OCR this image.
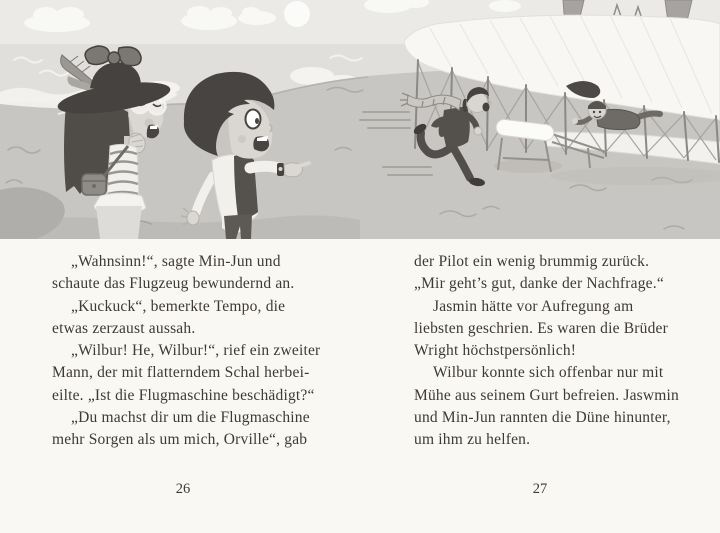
„Wahnsinn!“, sagte Min-Jun und

schaute das Flugzeug bewundernd an.

„Kuckuck“, bemerkte Tempo, die

etwas zerzaust aussah.

„Wilbur! He, Wilbur!“, rief ein zweiter

Mann, der mit flatterndem Schal herbei-

eilte. „Ist die Flugmaschine beschädigt?“

„Du machst dir um die Flugmaschine

mehr Sorgen als um mich, Orville“, gab

der Pilot ein wenig brummig zurück.

„Mir geht’s gut, danke der Nachfrage.“

Jasmin hätte vor Aufregung am

liebsten geschrien. Es waren die Brüder

Wright höchstpersönlich!

Wilbur konnte sich offenbar nur mit

Mühe aus seinem Gurt befreien. Jaswmin

und Min-Jun rannten die Düne hinunter,

um ihm zu helfen.

26	27
